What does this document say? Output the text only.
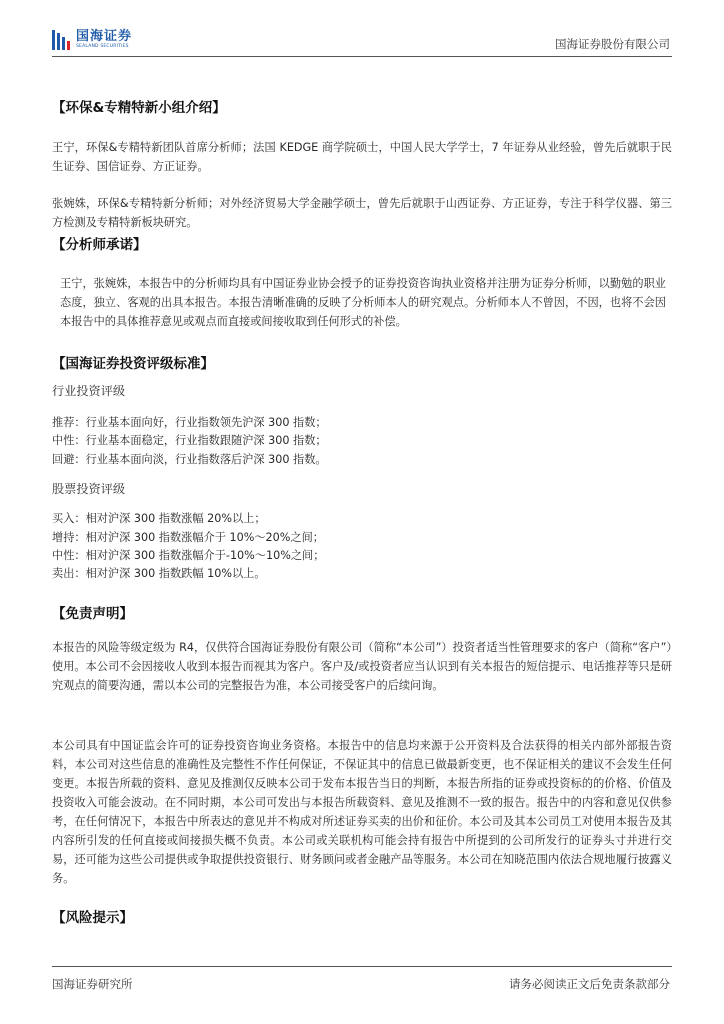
国海证券
SEALAND SECURITIES	国海证券股份有限公司
【环保&专精特新小组介绍】

王宁，环保&专精特新团队首席分析师；法国 KEDGE 商学院硕士，中国人民大学学士，7 年证券从业经验，曾先后就职于民生证券、国信证券、方正证券。

张婉姝，环保&专精特新分析师；对外经济贸易大学金融学硕士，曾先后就职于山西证券、方正证券，专注于科学仪器、第三方检测及专精特新板块研究。

【分析师承诺】

王宁，张婉姝，本报告中的分析师均具有中国证券业协会授予的证券投资咨询执业资格并注册为证券分析师，以勤勉的职业态度，独立、客观的出具本报告。本报告清晰准确的反映了分析师本人的研究观点。分析师本人不曾因，不因，也将不会因本报告中的具体推荐意见或观点而直接或间接收取到任何形式的补偿。

【国海证券投资评级标准】
行业投资评级
推荐：行业基本面向好，行业指数领先沪深 300 指数；
中性：行业基本面稳定，行业指数跟随沪深 300 指数；
回避：行业基本面向淡，行业指数落后沪深 300 指数。
股票投资评级
买入：相对沪深 300 指数涨幅 20%以上；
增持：相对沪深 300 指数涨幅介于 10%～20%之间；
中性：相对沪深 300 指数涨幅介于-10%～10%之间；
卖出：相对沪深 300 指数跌幅 10%以上。
【免责声明】

本报告的风险等级定级为 R4，仅供符合国海证券股份有限公司（简称“本公司”）投资者适当性管理要求的客户（简称“客户”）使用。本公司不会因接收人收到本报告而视其为客户。客户及/或投资者应当认识到有关本报告的短信提示、电话推荐等只是研究观点的简要沟通，需以本公司的完整报告为准，本公司接受客户的后续问询。

本公司具有中国证监会许可的证券投资咨询业务资格。本报告中的信息均来源于公开资料及合法获得的相关内部外部报告资料，本公司对这些信息的准确性及完整性不作任何保证，不保证其中的信息已做最新变更，也不保证相关的建议不会发生任何变更。本报告所载的资料、意见及推测仅反映本公司于发布本报告当日的判断，本报告所指的证券或投资标的的价格、价值及投资收入可能会波动。在不同时期，本公司可发出与本报告所载资料、意见及推测不一致的报告。报告中的内容和意见仅供参考，在任何情况下，本报告中所表达的意见并不构成对所述证券买卖的出价和征价。本公司及其本公司员工对使用本报告及其内容所引发的任何直接或间接损失概不负责。本公司或关联机构可能会持有报告中所提到的公司所发行的证券头寸并进行交易，还可能为这些公司提供或争取提供投资银行、财务顾问或者金融产品等服务。本公司在知晓范围内依法合规地履行披露义务。

【风险提示】
国海证券研究所	请务必阅读正文后免责条款部分
